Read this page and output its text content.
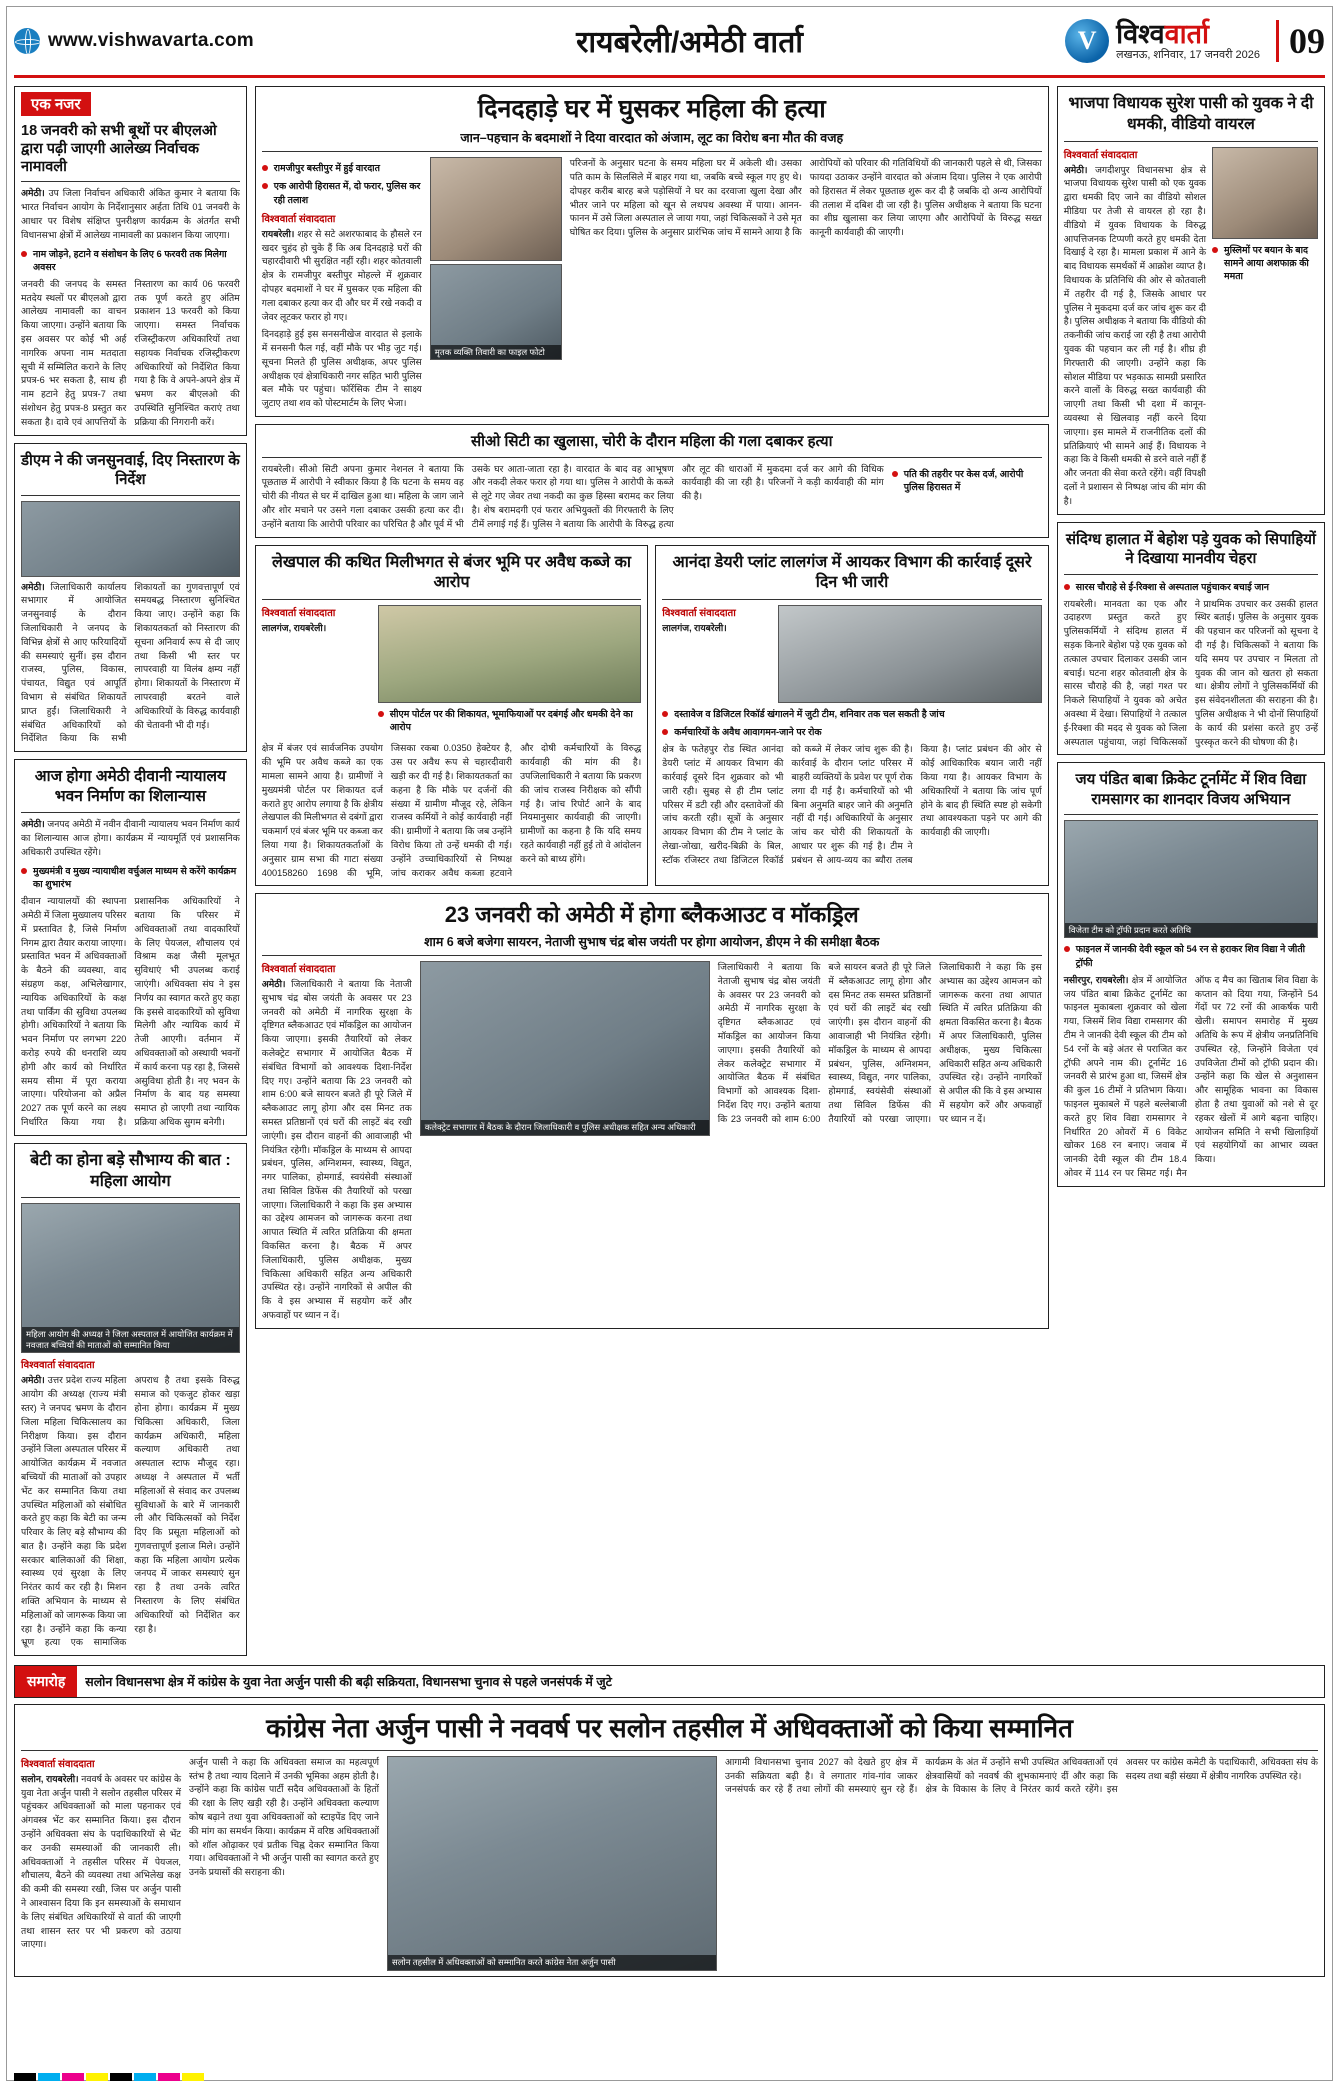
www.vishwavarta.com	रायबरेली/अमेठी वार्ता	V विश्ववार्ता
लखनऊ, शनिवार, 17 जनवरी 2026 09
एक नजर
18 जनवरी को सभी बूथों पर बीएलओ द्वारा पढ़ी जाएगी आलेख्य निर्वाचक नामावली
अमेठी। उप जिला निर्वाचन अधिकारी अंकित कुमार ने बताया कि भारत निर्वाचन आयोग के निर्देशानुसार अर्हता तिथि 01 जनवरी के आधार पर विशेष संक्षिप्त पुनरीक्षण कार्यक्रम के अंतर्गत सभी विधानसभा क्षेत्रों में आलेख्य नामावली का प्रकाशन किया जाएगा।
नाम जोड़ने, हटाने व संशोधन के लिए 6 फरवरी तक मिलेगा अवसर
जनवरी की जनपद के समस्त मतदेय स्थलों पर बीएलओ द्वारा आलेख्य नामावली का वाचन किया जाएगा। उन्होंने बताया कि इस अवसर पर कोई भी अर्ह नागरिक अपना नाम मतदाता सूची में सम्मिलित कराने के लिए प्रपत्र-6 भर सकता है, साथ ही नाम हटाने हेतु प्रपत्र-7 तथा संशोधन हेतु प्रपत्र-8 प्रस्तुत कर सकता है। दावे एवं आपत्तियों के निस्तारण का कार्य 06 फरवरी तक पूर्ण करते हुए अंतिम प्रकाशन 13 फरवरी को किया जाएगा। समस्त निर्वाचक रजिस्ट्रीकरण अधिकारियों तथा सहायक निर्वाचक रजिस्ट्रीकरण अधिकारियों को निर्देशित किया गया है कि वे अपने-अपने क्षेत्र में भ्रमण कर बीएलओ की उपस्थिति सुनिश्चित कराएं तथा प्रक्रिया की निगरानी करें।
डीएम ने की जनसुनवाई, दिए निस्तारण के निर्देश
अमेठी। जिलाधिकारी कार्यालय सभागार में आयोजित जनसुनवाई के दौरान जिलाधिकारी ने जनपद के विभिन्न क्षेत्रों से आए फरियादियों की समस्याएं सुनीं। इस दौरान राजस्व, पुलिस, विकास, पंचायत, विद्युत एवं आपूर्ति विभाग से संबंधित शिकायतें प्राप्त हुईं। जिलाधिकारी ने संबंधित अधिकारियों को निर्देशित किया कि सभी शिकायतों का गुणवत्तापूर्ण एवं समयबद्ध निस्तारण सुनिश्चित किया जाए। उन्होंने कहा कि शिकायतकर्ता को निस्तारण की सूचना अनिवार्य रूप से दी जाए तथा किसी भी स्तर पर लापरवाही या विलंब क्षम्य नहीं होगा। शिकायतों के निस्तारण में लापरवाही बरतने वाले अधिकारियों के विरुद्ध कार्यवाही की चेतावनी भी दी गई।
आज होगा अमेठी दीवानी न्यायालय भवन निर्माण का शिलान्यास
अमेठी। जनपद अमेठी में नवीन दीवानी न्यायालय भवन निर्माण कार्य का शिलान्यास आज होगा। कार्यक्रम में न्यायमूर्ति एवं प्रशासनिक अधिकारी उपस्थित रहेंगे।
मुख्यमंत्री व मुख्य न्यायाधीश वर्चुअल माध्यम से करेंगे कार्यक्रम का शुभारंभ
दीवान न्यायालयों की स्थापना अमेठी में जिला मुख्यालय परिसर में प्रस्तावित है, जिसे निर्माण निगम द्वारा तैयार कराया जाएगा। प्रस्तावित भवन में अधिवक्ताओं के बैठने की व्यवस्था, वाद संग्रहण कक्ष, अभिलेखागार, न्यायिक अधिकारियों के कक्ष तथा पार्किंग की सुविधा उपलब्ध होगी। अधिकारियों ने बताया कि भवन निर्माण पर लगभग 220 करोड़ रुपये की धनराशि व्यय होगी और कार्य को निर्धारित समय सीमा में पूरा कराया जाएगा। परियोजना को अप्रैल 2027 तक पूर्ण करने का लक्ष्य निर्धारित किया गया है। प्रशासनिक अधिकारियों ने बताया कि परिसर में अधिवक्ताओं तथा वादकारियों के लिए पेयजल, शौचालय एवं विश्राम कक्ष जैसी मूलभूत सुविधाएं भी उपलब्ध कराई जाएंगी। अधिवक्ता संघ ने इस निर्णय का स्वागत करते हुए कहा कि इससे वादकारियों को सुविधा मिलेगी और न्यायिक कार्य में तेजी आएगी। वर्तमान में अधिवक्ताओं को अस्थायी भवनों में कार्य करना पड़ रहा है, जिससे असुविधा होती है। नए भवन के निर्माण के बाद यह समस्या समाप्त हो जाएगी तथा न्यायिक प्रक्रिया अधिक सुगम बनेगी।
बेटी का होना बड़े सौभाग्य की बात : महिला आयोग
महिला आयोग की अध्यक्ष ने जिला अस्पताल में आयोजित कार्यक्रम में नवजात बच्चियों की माताओं को सम्मानित किया
विश्ववार्ता संवाददाता
अमेठी। उत्तर प्रदेश राज्य महिला आयोग की अध्यक्ष (राज्य मंत्री स्तर) ने जनपद भ्रमण के दौरान जिला महिला चिकित्सालय का निरीक्षण किया। इस दौरान उन्होंने जिला अस्पताल परिसर में आयोजित कार्यक्रम में नवजात बच्चियों की माताओं को उपहार भेंट कर सम्मानित किया तथा उपस्थित महिलाओं को संबोधित करते हुए कहा कि बेटी का जन्म परिवार के लिए बड़े सौभाग्य की बात है। उन्होंने कहा कि प्रदेश सरकार बालिकाओं की शिक्षा, स्वास्थ्य एवं सुरक्षा के लिए निरंतर कार्य कर रही है। मिशन शक्ति अभियान के माध्यम से महिलाओं को जागरूक किया जा रहा है। उन्होंने कहा कि कन्या भ्रूण हत्या एक सामाजिक अपराध है तथा इसके विरुद्ध समाज को एकजुट होकर खड़ा होना होगा। कार्यक्रम में मुख्य चिकित्सा अधिकारी, जिला कार्यक्रम अधिकारी, महिला कल्याण अधिकारी तथा अस्पताल स्टाफ मौजूद रहा। अध्यक्ष ने अस्पताल में भर्ती महिलाओं से संवाद कर उपलब्ध सुविधाओं के बारे में जानकारी ली और चिकित्सकों को निर्देश दिए कि प्रसूता महिलाओं को गुणवत्तापूर्ण इलाज मिले। उन्होंने कहा कि महिला आयोग प्रत्येक जनपद में जाकर समस्याएं सुन रहा है तथा उनके त्वरित निस्तारण के लिए संबंधित अधिकारियों को निर्देशित कर रहा है।
दिनदहाड़े घर में घुसकर महिला की हत्या
जान–पहचान के बदमाशों ने दिया वारदात को अंजाम, लूट का विरोध बना मौत की वजह
रामजीपुर बस्तीपुर में हुई वारदात
एक आरोपी हिरासत में, दो फरार, पुलिस कर रही तलाश
विश्ववार्ता संवाददाता
रायबरेली। शहर से सटे अशरफाबाद के हौसले रन खदर चुहंद हो चुके हैं कि अब दिनदहाड़े घरों की चहारदीवारी भी सुरक्षित नहीं रही। शहर कोतवाली क्षेत्र के रामजीपुर बस्तीपुर मोहल्ले में शुक्रवार दोपहर बदमाशों ने घर में घुसकर एक महिला की गला दबाकर हत्या कर दी और घर में रखे नकदी व जेवर लूटकर फरार हो गए।
दिनदहाड़े हुई इस सनसनीखेज वारदात से इलाके में सनसनी फैल गई, वहीं मौके पर भीड़ जुट गई। सूचना मिलते ही पुलिस अधीक्षक, अपर पुलिस अधीक्षक एवं क्षेत्राधिकारी नगर सहित भारी पुलिस बल मौके पर पहुंचा। फॉरेंसिक टीम ने साक्ष्य जुटाए तथा शव को पोस्टमार्टम के लिए भेजा।
मृतक व्यक्ति तिवारी का फाइल फोटो
परिजनों के अनुसार घटना के समय महिला घर में अकेली थी। उसका पति काम के सिलसिले में बाहर गया था, जबकि बच्चे स्कूल गए हुए थे। दोपहर करीब बारह बजे पड़ोसियों ने घर का दरवाजा खुला देखा और भीतर जाने पर महिला को खून से लथपथ अवस्था में पाया। आनन-फानन में उसे जिला अस्पताल ले जाया गया, जहां चिकित्सकों ने उसे मृत घोषित कर दिया। पुलिस के अनुसार प्रारंभिक जांच में सामने आया है कि आरोपियों को परिवार की गतिविधियों की जानकारी पहले से थी, जिसका फायदा उठाकर उन्होंने वारदात को अंजाम दिया। पुलिस ने एक आरोपी को हिरासत में लेकर पूछताछ शुरू कर दी है जबकि दो अन्य आरोपियों की तलाश में दबिश दी जा रही है। पुलिस अधीक्षक ने बताया कि घटना का शीघ्र खुलासा कर लिया जाएगा और आरोपियों के विरुद्ध सख्त कानूनी कार्यवाही की जाएगी।
सीओ सिटी का खुलासा, चोरी के दौरान महिला की गला दबाकर हत्या
रायबरेली। सीओ सिटी अपना कुमार नेशनल ने बताया कि पूछताछ में आरोपी ने स्वीकार किया है कि घटना के समय वह चोरी की नीयत से घर में दाखिल हुआ था। महिला के जाग जाने और शोर मचाने पर उसने गला दबाकर उसकी हत्या कर दी। उन्होंने बताया कि आरोपी परिवार का परिचित है और पूर्व में भी उसके घर आता-जाता रहा है। वारदात के बाद वह आभूषण और नकदी लेकर फरार हो गया था। पुलिस ने आरोपी के कब्जे से लूटे गए जेवर तथा नकदी का कुछ हिस्सा बरामद कर लिया है। शेष बरामदगी एवं फरार अभियुक्तों की गिरफ्तारी के लिए टीमें लगाई गई हैं। पुलिस ने बताया कि आरोपी के विरुद्ध हत्या और लूट की धाराओं में मुकदमा दर्ज कर आगे की विधिक कार्यवाही की जा रही है। परिजनों ने कड़ी कार्यवाही की मांग की है।
पति की तहरीर पर केस दर्ज, आरोपी पुलिस हिरासत में
लेखपाल की कथित मिलीभगत से बंजर भूमि पर अवैध कब्जे का आरोप
विश्ववार्ता संवाददाता
लालगंज, रायबरेली।
सीएम पोर्टल पर की शिकायत, भूमाफियाओं पर दबंगई और धमकी देने का आरोप
क्षेत्र में बंजर एवं सार्वजनिक उपयोग की भूमि पर अवैध कब्जे का एक मामला सामने आया है। ग्रामीणों ने मुख्यमंत्री पोर्टल पर शिकायत दर्ज कराते हुए आरोप लगाया है कि क्षेत्रीय लेखपाल की मिलीभगत से दबंगों द्वारा चकमार्ग एवं बंजर भूमि पर कब्जा कर लिया गया है। शिकायतकर्ताओं के अनुसार ग्राम सभा की गाटा संख्या 400158260 1698 की भूमि, जिसका रकबा 0.0350 हेक्टेयर है, उस पर अवैध रूप से चहारदीवारी खड़ी कर दी गई है। शिकायतकर्ता का कहना है कि मौके पर दर्जनों की संख्या में ग्रामीण मौजूद रहे, लेकिन राजस्व कर्मियों ने कोई कार्यवाही नहीं की। ग्रामीणों ने बताया कि जब उन्होंने विरोध किया तो उन्हें धमकी दी गई। उन्होंने उच्चाधिकारियों से निष्पक्ष जांच कराकर अवैध कब्जा हटवाने और दोषी कर्मचारियों के विरुद्ध कार्यवाही की मांग की है। उपजिलाधिकारी ने बताया कि प्रकरण की जांच राजस्व निरीक्षक को सौंपी गई है। जांच रिपोर्ट आने के बाद नियमानुसार कार्यवाही की जाएगी। ग्रामीणों का कहना है कि यदि समय रहते कार्यवाही नहीं हुई तो वे आंदोलन करने को बाध्य होंगे।
आनंदा डेयरी प्लांट लालगंज में आयकर विभाग की कार्रवाई दूसरे दिन भी जारी
विश्ववार्ता संवाददाता
लालगंज, रायबरेली।
दस्तावेज व डिजिटल रिकॉर्ड खंगालने में जुटी टीम, शनिवार तक चल सकती है जांच
कर्मचारियों के अवैध आवागमन-जाने पर रोक
क्षेत्र के फतेहपुर रोड स्थित आनंदा डेयरी प्लांट में आयकर विभाग की कार्रवाई दूसरे दिन शुक्रवार को भी जारी रही। सुबह से ही टीम प्लांट परिसर में डटी रही और दस्तावेजों की जांच करती रही। सूत्रों के अनुसार आयकर विभाग की टीम ने प्लांट के लेखा-जोखा, खरीद-बिक्री के बिल, स्टॉक रजिस्टर तथा डिजिटल रिकॉर्ड को कब्जे में लेकर जांच शुरू की है। कार्रवाई के दौरान प्लांट परिसर में बाहरी व्यक्तियों के प्रवेश पर पूर्ण रोक लगा दी गई है। कर्मचारियों को भी बिना अनुमति बाहर जाने की अनुमति नहीं दी गई। अधिकारियों के अनुसार जांच कर चोरी की शिकायतों के आधार पर शुरू की गई है। टीम ने प्रबंधन से आय-व्यय का ब्यौरा तलब किया है। प्लांट प्रबंधन की ओर से कोई आधिकारिक बयान जारी नहीं किया गया है। आयकर विभाग के अधिकारियों ने बताया कि जांच पूर्ण होने के बाद ही स्थिति स्पष्ट हो सकेगी तथा आवश्यकता पड़ने पर आगे की कार्यवाही की जाएगी।
23 जनवरी को अमेठी में होगा ब्लैकआउट व मॉकड्रिल
शाम 6 बजे बजेगा सायरन, नेताजी सुभाष चंद्र बोस जयंती पर होगा आयोजन, डीएम ने की समीक्षा बैठक
विश्ववार्ता संवाददाता
अमेठी। जिलाधिकारी ने बताया कि नेताजी सुभाष चंद्र बोस जयंती के अवसर पर 23 जनवरी को अमेठी में नागरिक सुरक्षा के दृष्टिगत ब्लैकआउट एवं मॉकड्रिल का आयोजन किया जाएगा। इसकी तैयारियों को लेकर कलेक्ट्रेट सभागार में आयोजित बैठक में संबंधित विभागों को आवश्यक दिशा-निर्देश दिए गए। उन्होंने बताया कि 23 जनवरी को शाम 6:00 बजे सायरन बजते ही पूरे जिले में ब्लैकआउट लागू होगा और दस मिनट तक समस्त प्रतिष्ठानों एवं घरों की लाइटें बंद रखी जाएंगी। इस दौरान वाहनों की आवाजाही भी नियंत्रित रहेगी। मॉकड्रिल के माध्यम से आपदा प्रबंधन, पुलिस, अग्निशमन, स्वास्थ्य, विद्युत, नगर पालिका, होमगार्ड, स्वयंसेवी संस्थाओं तथा सिविल डिफेंस की तैयारियों को परखा जाएगा। जिलाधिकारी ने कहा कि इस अभ्यास का उद्देश्य आमजन को जागरूक करना तथा आपात स्थिति में त्वरित प्रतिक्रिया की क्षमता विकसित करना है। बैठक में अपर जिलाधिकारी, पुलिस अधीक्षक, मुख्य चिकित्सा अधिकारी सहित अन्य अधिकारी उपस्थित रहे। उन्होंने नागरिकों से अपील की कि वे इस अभ्यास में सहयोग करें और अफवाहों पर ध्यान न दें।
कलेक्ट्रेट सभागार में बैठक के दौरान जिलाधिकारी व पुलिस अधीक्षक सहित अन्य अधिकारी
जिलाधिकारी ने बताया कि नेताजी सुभाष चंद्र बोस जयंती के अवसर पर 23 जनवरी को अमेठी में नागरिक सुरक्षा के दृष्टिगत ब्लैकआउट एवं मॉकड्रिल का आयोजन किया जाएगा। इसकी तैयारियों को लेकर कलेक्ट्रेट सभागार में आयोजित बैठक में संबंधित विभागों को आवश्यक दिशा-निर्देश दिए गए। उन्होंने बताया कि 23 जनवरी को शाम 6:00 बजे सायरन बजते ही पूरे जिले में ब्लैकआउट लागू होगा और दस मिनट तक समस्त प्रतिष्ठानों एवं घरों की लाइटें बंद रखी जाएंगी। इस दौरान वाहनों की आवाजाही भी नियंत्रित रहेगी। मॉकड्रिल के माध्यम से आपदा प्रबंधन, पुलिस, अग्निशमन, स्वास्थ्य, विद्युत, नगर पालिका, होमगार्ड, स्वयंसेवी संस्थाओं तथा सिविल डिफेंस की तैयारियों को परखा जाएगा। जिलाधिकारी ने कहा कि इस अभ्यास का उद्देश्य आमजन को जागरूक करना तथा आपात स्थिति में त्वरित प्रतिक्रिया की क्षमता विकसित करना है। बैठक में अपर जिलाधिकारी, पुलिस अधीक्षक, मुख्य चिकित्सा अधिकारी सहित अन्य अधिकारी उपस्थित रहे। उन्होंने नागरिकों से अपील की कि वे इस अभ्यास में सहयोग करें और अफवाहों पर ध्यान न दें।
भाजपा विधायक सुरेश पासी को युवक ने दी धमकी, वीडियो वायरल
विश्ववार्ता संवाददाता
अमेठी। जगदीशपुर विधानसभा क्षेत्र से भाजपा विधायक सुरेश पासी को एक युवक द्वारा धमकी दिए जाने का वीडियो सोशल मीडिया पर तेजी से वायरल हो रहा है। वीडियो में युवक विधायक के विरुद्ध आपत्तिजनक टिप्पणी करते हुए धमकी देता दिखाई दे रहा है। मामला प्रकाश में आने के बाद विधायक समर्थकों में आक्रोश व्याप्त है। विधायक के प्रतिनिधि की ओर से कोतवाली में तहरीर दी गई है, जिसके आधार पर पुलिस ने मुकदमा दर्ज कर जांच शुरू कर दी है। पुलिस अधीक्षक ने बताया कि वीडियो की तकनीकी जांच कराई जा रही है तथा आरोपी युवक की पहचान कर ली गई है। शीघ्र ही गिरफ्तारी की जाएगी। उन्होंने कहा कि सोशल मीडिया पर भड़काऊ सामग्री प्रसारित करने वालों के विरुद्ध सख्त कार्यवाही की जाएगी तथा किसी भी दशा में कानून-व्यवस्था से खिलवाड़ नहीं करने दिया जाएगा। इस मामले में राजनीतिक दलों की प्रतिक्रियाएं भी सामने आई हैं। विधायक ने कहा कि वे किसी धमकी से डरने वाले नहीं हैं और जनता की सेवा करते रहेंगे। वहीं विपक्षी दलों ने प्रशासन से निष्पक्ष जांच की मांग की है।
मुस्लिमों पर बयान के बाद सामने आया अशफाक़ की ममता
संदिग्ध हालात में बेहोश पड़े युवक को सिपाहियों ने दिखाया मानवीय चेहरा
सारस चौराहे से ई-रिक्शा से अस्पताल पहुंचाकर बचाई जान
रायबरेली। मानवता का एक और उदाहरण प्रस्तुत करते हुए पुलिसकर्मियों ने संदिग्ध हालत में सड़क किनारे बेहोश पड़े एक युवक को तत्काल उपचार दिलाकर उसकी जान बचाई। घटना शहर कोतवाली क्षेत्र के सारस चौराहे की है, जहां गश्त पर निकले सिपाहियों ने युवक को अचेत अवस्था में देखा। सिपाहियों ने तत्काल ई-रिक्शा की मदद से युवक को जिला अस्पताल पहुंचाया, जहां चिकित्सकों ने प्राथमिक उपचार कर उसकी हालत स्थिर बताई। पुलिस के अनुसार युवक की पहचान कर परिजनों को सूचना दे दी गई है। चिकित्सकों ने बताया कि यदि समय पर उपचार न मिलता तो युवक की जान को खतरा हो सकता था। क्षेत्रीय लोगों ने पुलिसकर्मियों की इस संवेदनशीलता की सराहना की है। पुलिस अधीक्षक ने भी दोनों सिपाहियों के कार्य की प्रशंसा करते हुए उन्हें पुरस्कृत करने की घोषणा की है।
जय पंडित बाबा क्रिकेट टूर्नामेंट में शिव विद्या रामसागर का शानदार विजय अभियान
विजेता टीम को ट्रॉफी प्रदान करते अतिथि
फाइनल में जानकी देवी स्कूल को 54 रन से हराकर शिव विद्या ने जीती ट्रॉफी
नसीरपुर, रायबरेली। क्षेत्र में आयोजित जय पंडित बाबा क्रिकेट टूर्नामेंट का फाइनल मुकाबला शुक्रवार को खेला गया, जिसमें शिव विद्या रामसागर की टीम ने जानकी देवी स्कूल की टीम को 54 रनों के बड़े अंतर से पराजित कर ट्रॉफी अपने नाम की। टूर्नामेंट 16 जनवरी से प्रारंभ हुआ था, जिसमें क्षेत्र की कुल 16 टीमों ने प्रतिभाग किया। फाइनल मुकाबले में पहले बल्लेबाजी करते हुए शिव विद्या रामसागर ने निर्धारित 20 ओवरों में 6 विकेट खोकर 168 रन बनाए। जवाब में जानकी देवी स्कूल की टीम 18.4 ओवर में 114 रन पर सिमट गई। मैन ऑफ द मैच का खिताब शिव विद्या के कप्तान को दिया गया, जिन्होंने 54 गेंदों पर 72 रनों की आकर्षक पारी खेली। समापन समारोह में मुख्य अतिथि के रूप में क्षेत्रीय जनप्रतिनिधि उपस्थित रहे, जिन्होंने विजेता एवं उपविजेता टीमों को ट्रॉफी प्रदान की। उन्होंने कहा कि खेल से अनुशासन और सामूहिक भावना का विकास होता है तथा युवाओं को नशे से दूर रहकर खेलों में आगे बढ़ना चाहिए। आयोजन समिति ने सभी खिलाड़ियों एवं सहयोगियों का आभार व्यक्त किया।
समारोह	सलोन विधानसभा क्षेत्र में कांग्रेस के युवा नेता अर्जुन पासी की बढ़ी सक्रियता, विधानसभा चुनाव से पहले जनसंपर्क में जुटे
कांग्रेस नेता अर्जुन पासी ने नववर्ष पर सलोन तहसील में अधिवक्ताओं को किया सम्मानित
विश्ववार्ता संवाददाता
सलोन, रायबरेली। नववर्ष के अवसर पर कांग्रेस के युवा नेता अर्जुन पासी ने सलोन तहसील परिसर में पहुंचकर अधिवक्ताओं को माला पहनाकर एवं अंगवस्त्र भेंट कर सम्मानित किया। इस दौरान उन्होंने अधिवक्ता संघ के पदाधिकारियों से भेंट कर उनकी समस्याओं की जानकारी ली। अधिवक्ताओं ने तहसील परिसर में पेयजल, शौचालय, बैठने की व्यवस्था तथा अभिलेख कक्ष की कमी की समस्या रखी, जिस पर अर्जुन पासी ने आश्वासन दिया कि इन समस्याओं के समाधान के लिए संबंधित अधिकारियों से वार्ता की जाएगी तथा शासन स्तर पर भी प्रकरण को उठाया जाएगा।
अर्जुन पासी ने कहा कि अधिवक्ता समाज का महत्वपूर्ण स्तंभ है तथा न्याय दिलाने में उनकी भूमिका अहम होती है। उन्होंने कहा कि कांग्रेस पार्टी सदैव अधिवक्ताओं के हितों की रक्षा के लिए खड़ी रही है। उन्होंने अधिवक्ता कल्याण कोष बढ़ाने तथा युवा अधिवक्ताओं को स्टाइपेंड दिए जाने की मांग का समर्थन किया। कार्यक्रम में वरिष्ठ अधिवक्ताओं को शॉल ओढ़ाकर एवं प्रतीक चिह्न देकर सम्मानित किया गया। अधिवक्ताओं ने भी अर्जुन पासी का स्वागत करते हुए उनके प्रयासों की सराहना की।
सलोन तहसील में अधिवक्ताओं को सम्मानित करते कांग्रेस नेता अर्जुन पासी
आगामी विधानसभा चुनाव 2027 को देखते हुए क्षेत्र में उनकी सक्रियता बढ़ी है। वे लगातार गांव-गांव जाकर जनसंपर्क कर रहे हैं तथा लोगों की समस्याएं सुन रहे हैं। कार्यक्रम के अंत में उन्होंने सभी उपस्थित अधिवक्ताओं एवं क्षेत्रवासियों को नववर्ष की शुभकामनाएं दीं और कहा कि क्षेत्र के विकास के लिए वे निरंतर कार्य करते रहेंगे। इस अवसर पर कांग्रेस कमेटी के पदाधिकारी, अधिवक्ता संघ के सदस्य तथा बड़ी संख्या में क्षेत्रीय नागरिक उपस्थित रहे।
